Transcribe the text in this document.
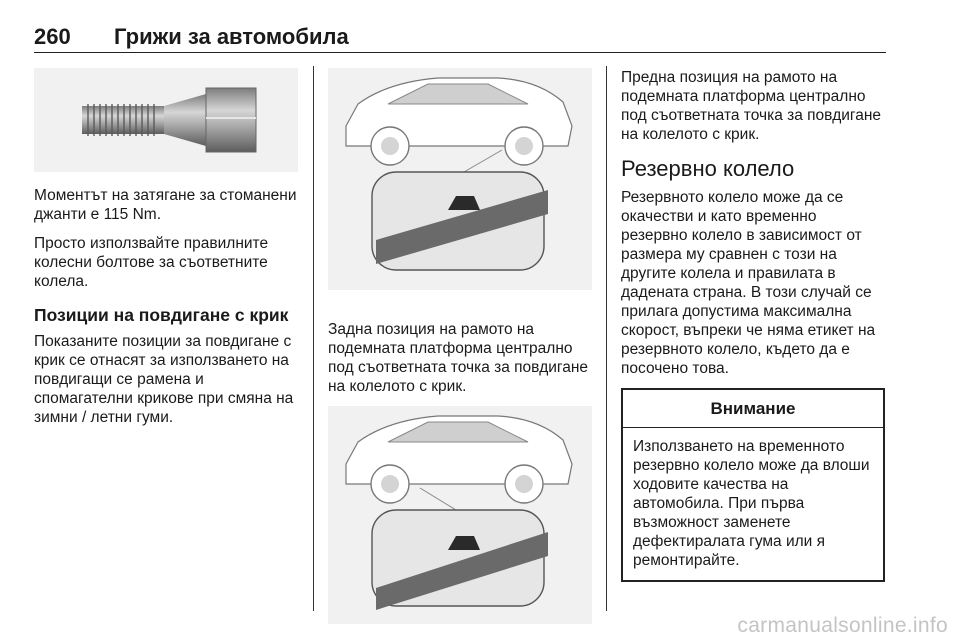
260 Грижи за автомобила

Моментът на затягане за стоманени джанти е 115 Nm.

Просто използвайте правилните колесни болтове за съответните колела.

Позиции на повдигане с крик

Показаните позиции за повдигане с крик се отнасят за използването на повдигащи се рамена и спомагателни крикове при смяна на зимни / летни гуми.

Задна позиция на рамото на подемната платформа централно под съответната точка за повдигане на колелото с крик.

Предна позиция на рамото на подемната платформа централно под съответната точка за повдигане на колелото с крик.

Резервно колело

Резервното колело може да се окачестви и като временно резервно колело в зависимост от размера му сравнен с този на другите колела и правилата в дадената страна. В този случай се прилага допустима максимална скорост, въпреки че няма етикет на резервното колело, където да е посочено това.

Внимание
Използването на временното резервно колело може да влоши ходовите качества на автомобила. При първа възможност заменете дефектиралата гума или я ремонтирайте.
carmanualsonline.info
